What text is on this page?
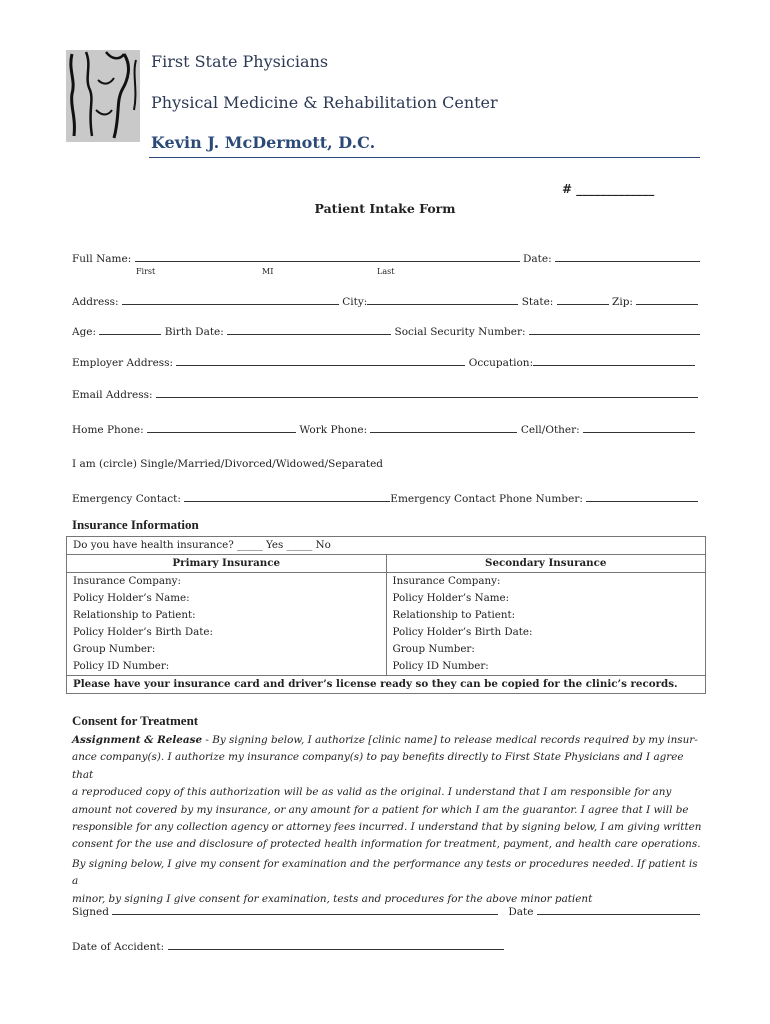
First State Physicians
Physical Medicine & Rehabilitation Center
Kevin J. McDermott, D.C.
# _____________
Patient Intake Form
Full Name:	Date:
First	MI	Last
Address:	City:	State:	Zip:
Age:	Birth Date:	Social Security Number:
Employer Address:	Occupation:
Email Address:
Home Phone:	Work Phone:	Cell/Other:
I am (circle) Single/Married/Divorced/Widowed/Separated
Emergency Contact:	Emergency Contact Phone Number:
Insurance Information
Do you have health insurance? _____ Yes _____ No	
Primary Insurance	Secondary Insurance
Insurance Company:	Insurance Company:
Policy Holder’s Name:	Policy Holder’s Name:
Relationship to Patient:	Relationship to Patient:
Policy Holder’s Birth Date:	Policy Holder’s Birth Date:
Group Number:	Group Number:
Policy ID Number:	Policy ID Number:
Please have your insurance card and driver’s license ready so they can be copied for the clinic’s records.	
Consent for Treatment
Assignment & Release - By signing below, I authorize [clinic name] to release medical records required by my insur-
ance company(s). I authorize my insurance company(s) to pay benefits directly to First State Physicians and I agree that
a reproduced copy of this authorization will be as valid as the original. I understand that I am responsible for any
amount not covered by my insurance, or any amount for a patient for which I am the guarantor. I agree that I will be
responsible for any collection agency or attorney fees incurred. I understand that by signing below, I am giving written
consent for the use and disclosure of protected health information for treatment, payment, and health care operations.
By signing below, I give my consent for examination and the performance any tests or procedures needed. If patient is a
minor, by signing I give consent for examination, tests and procedures for the above minor patient
Signed	Date
Date of Accident:
